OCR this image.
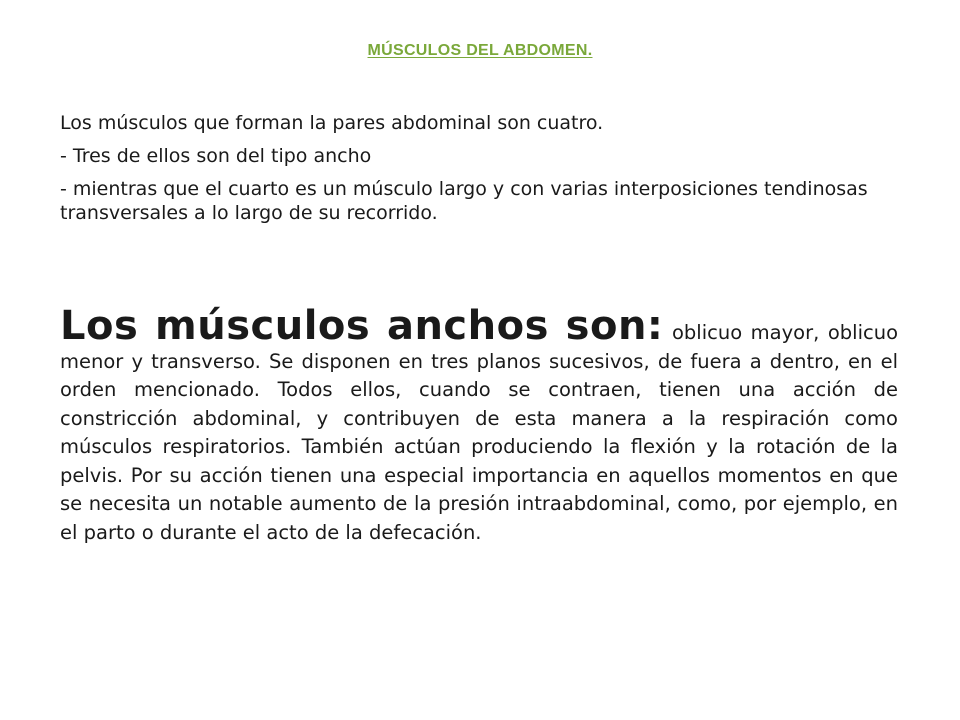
MÚSCULOS DEL ABDOMEN.

Los músculos que forman la pares abdominal son cuatro.

- Tres de ellos son del tipo ancho

- mientras que el cuarto es un músculo largo y con varias interposiciones tendinosas transversales a lo largo de su recorrido.

Los músculos anchos son: oblicuo mayor, oblicuo menor y transverso. Se disponen en tres planos sucesivos, de fuera a dentro, en el orden mencionado. Todos ellos, cuando se contraen, tienen una acción de constricción abdominal, y contribuyen de esta manera a la respiración como músculos respiratorios. También actúan produciendo la flexión y la rotación de la pelvis. Por su acción tienen una especial importancia en aquellos momentos en que se necesita un notable aumento de la presión intraabdominal, como, por ejemplo, en el parto o durante el acto de la defecación.
